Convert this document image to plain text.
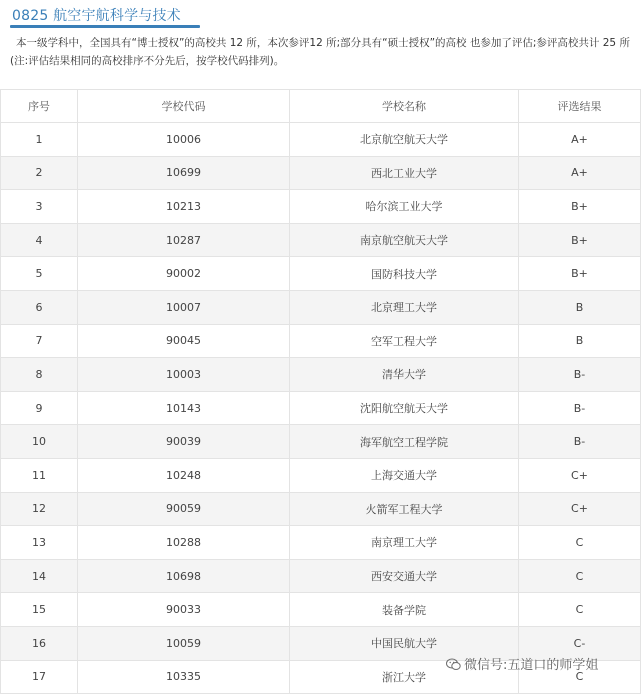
0825 航空宇航科学与技术
本一级学科中，全国具有“博士授权”的高校共 12 所，本次参评12 所;部分具有“硕士授权”的高校 也参加了评估;参评高校共计 25 所(注:评估结果相同的高校排序不分先后，按学校代码排列)。
序号	学校代码	学校名称	评选结果
1	10006	北京航空航天大学	A+
2	10699	西北工业大学	A+
3	10213	哈尔滨工业大学	B+
4	10287	南京航空航天大学	B+
5	90002	国防科技大学	B+
6	10007	北京理工大学	B
7	90045	空军工程大学	B
8	10003	清华大学	B-
9	10143	沈阳航空航天大学	B-
10	90039	海军航空工程学院	B-
11	10248	上海交通大学	C+
12	90059	火箭军工程大学	C+
13	10288	南京理工大学	C
14	10698	西安交通大学	C
15	90033	装备学院	C
16	10059	中国民航大学	C-
17	10335	浙江大学	C
微信号:五道口的师学姐
